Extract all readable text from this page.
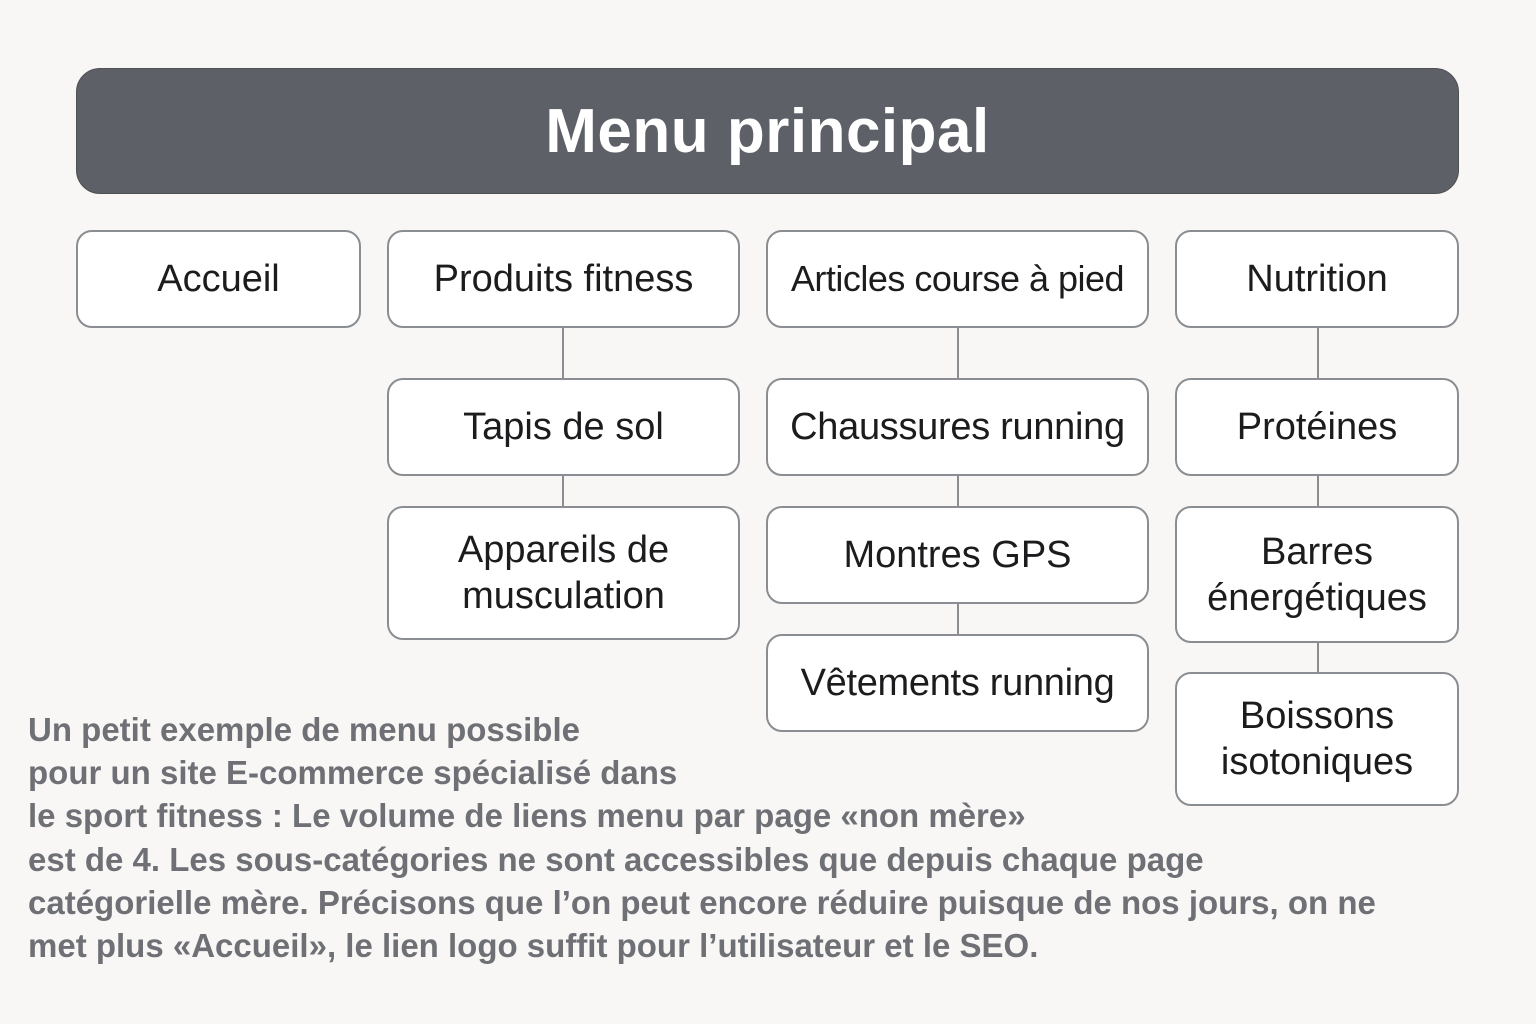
Menu principal
Accueil	Produits fitness	Articles course à pied	Nutrition
Tapis de sol
Appareils de musculation
Chaussures running
Montres GPS
Vêtements running
Protéines
Barres énergétiques
Boissons isotoniques
Un petit exemple de menu possible
pour un site E-commerce spécialisé dans
le sport fitness : Le volume de liens menu par page «non mère»
est de 4. Les sous-catégories ne sont accessibles que depuis chaque page
catégorielle mère. Précisons que l’on peut encore réduire puisque de nos jours, on ne
met plus «Accueil», le lien logo suffit pour l’utilisateur et le SEO.
